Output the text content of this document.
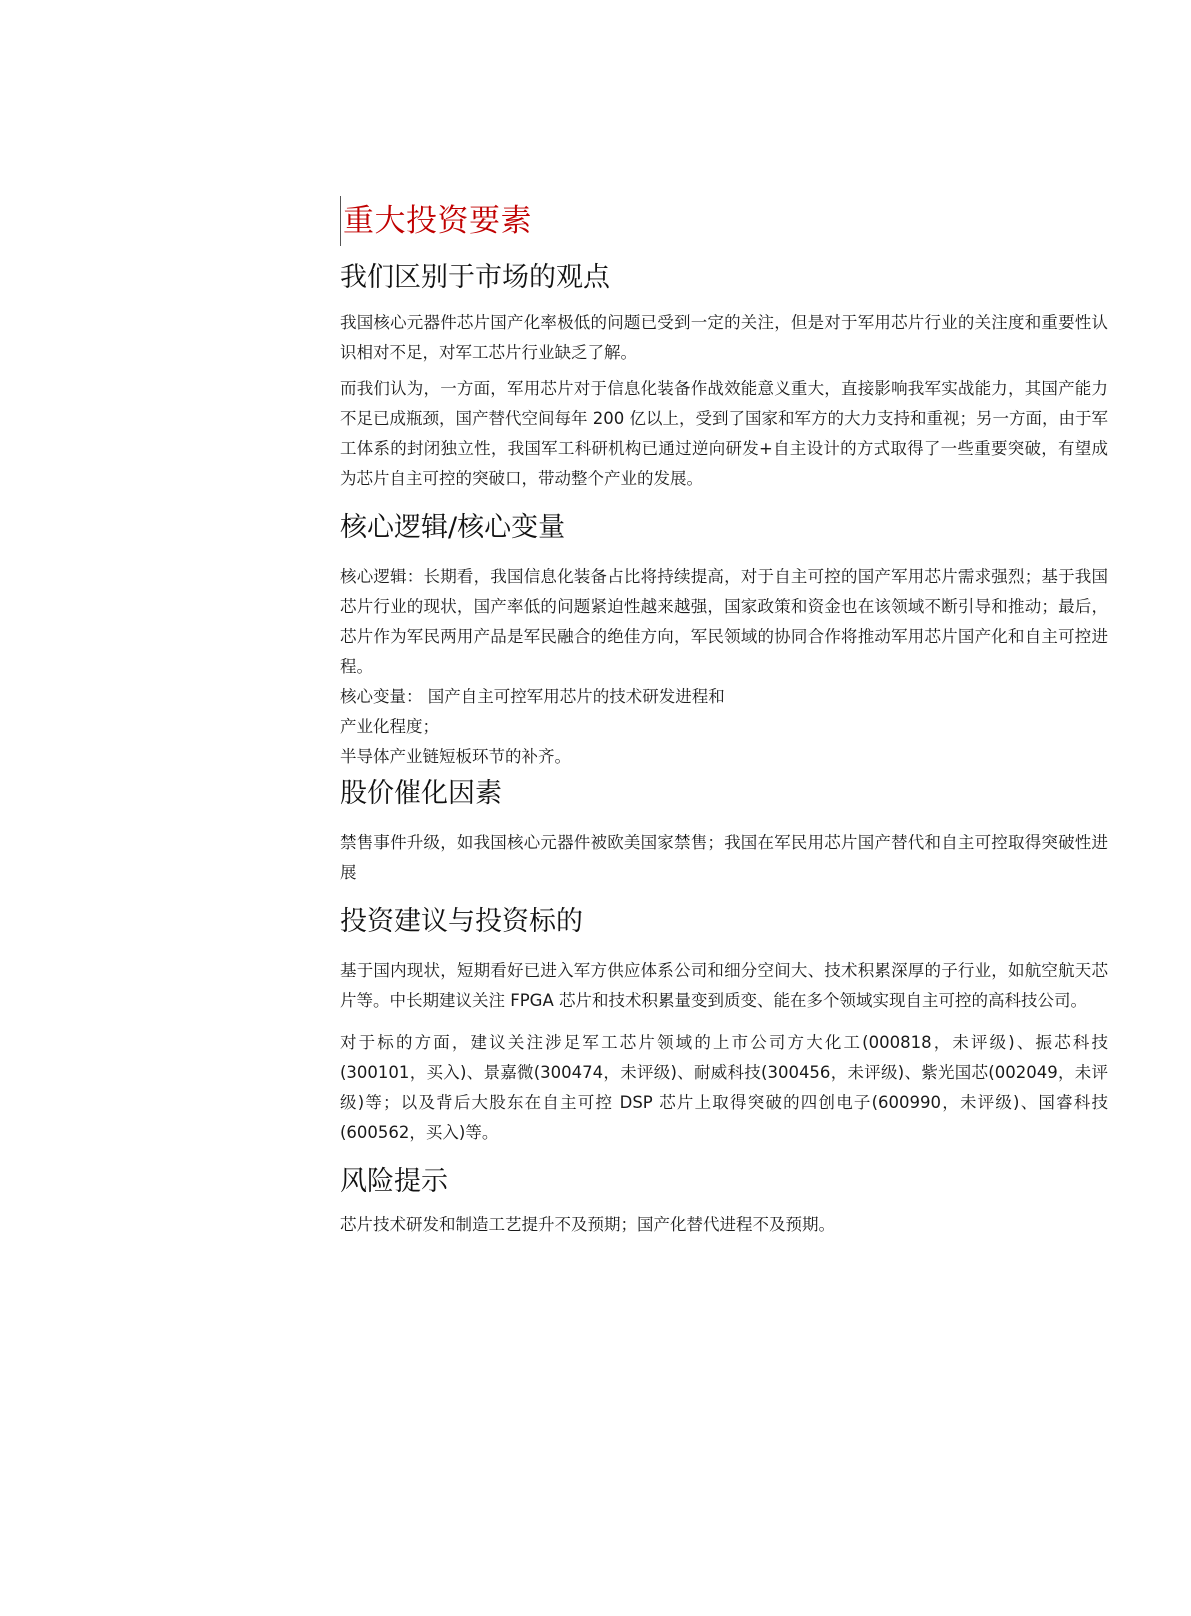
重大投资要素
我们区别于市场的观点

我国核心元器件芯片国产化率极低的问题已受到一定的关注，但是对于军用芯片行业的关注度和重要性认识相对不足，对军工芯片行业缺乏了解。

而我们认为，一方面，军用芯片对于信息化装备作战效能意义重大，直接影响我军实战能力，其国产能力不足已成瓶颈，国产替代空间每年 200 亿以上，受到了国家和军方的大力支持和重视；另一方面，由于军工体系的封闭独立性，我国军工科研机构已通过逆向研发+自主设计的方式取得了一些重要突破，有望成为芯片自主可控的突破口，带动整个产业的发展。

核心逻辑/核心变量

核心逻辑：长期看，我国信息化装备占比将持续提高，对于自主可控的国产军用芯片需求强烈；基于我国芯片行业的现状，国产率低的问题紧迫性越来越强，国家政策和资金也在该领域不断引导和推动；最后，芯片作为军民两用产品是军民融合的绝佳方向，军民领域的协同合作将推动军用芯片国产化和自主可控进程。

核心变量： 国产自主可控军用芯片的技术研发进程和

产业化程度；

半导体产业链短板环节的补齐。

股价催化因素

禁售事件升级，如我国核心元器件被欧美国家禁售；我国在军民用芯片国产替代和自主可控取得突破性进展

投资建议与投资标的

基于国内现状，短期看好已进入军方供应体系公司和细分空间大、技术积累深厚的子行业，如航空航天芯片等。中长期建议关注 FPGA 芯片和技术积累量变到质变、能在多个领域实现自主可控的高科技公司。

对于标的方面，建议关注涉足军工芯片领域的上市公司方大化工(000818，未评级)、振芯科技(300101，买入)、景嘉微(300474，未评级)、耐威科技(300456，未评级)、紫光国芯(002049，未评级)等；以及背后大股东在自主可控 DSP 芯片上取得突破的四创电子(600990，未评级)、国睿科技(600562，买入)等。

风险提示

芯片技术研发和制造工艺提升不及预期；国产化替代进程不及预期。
